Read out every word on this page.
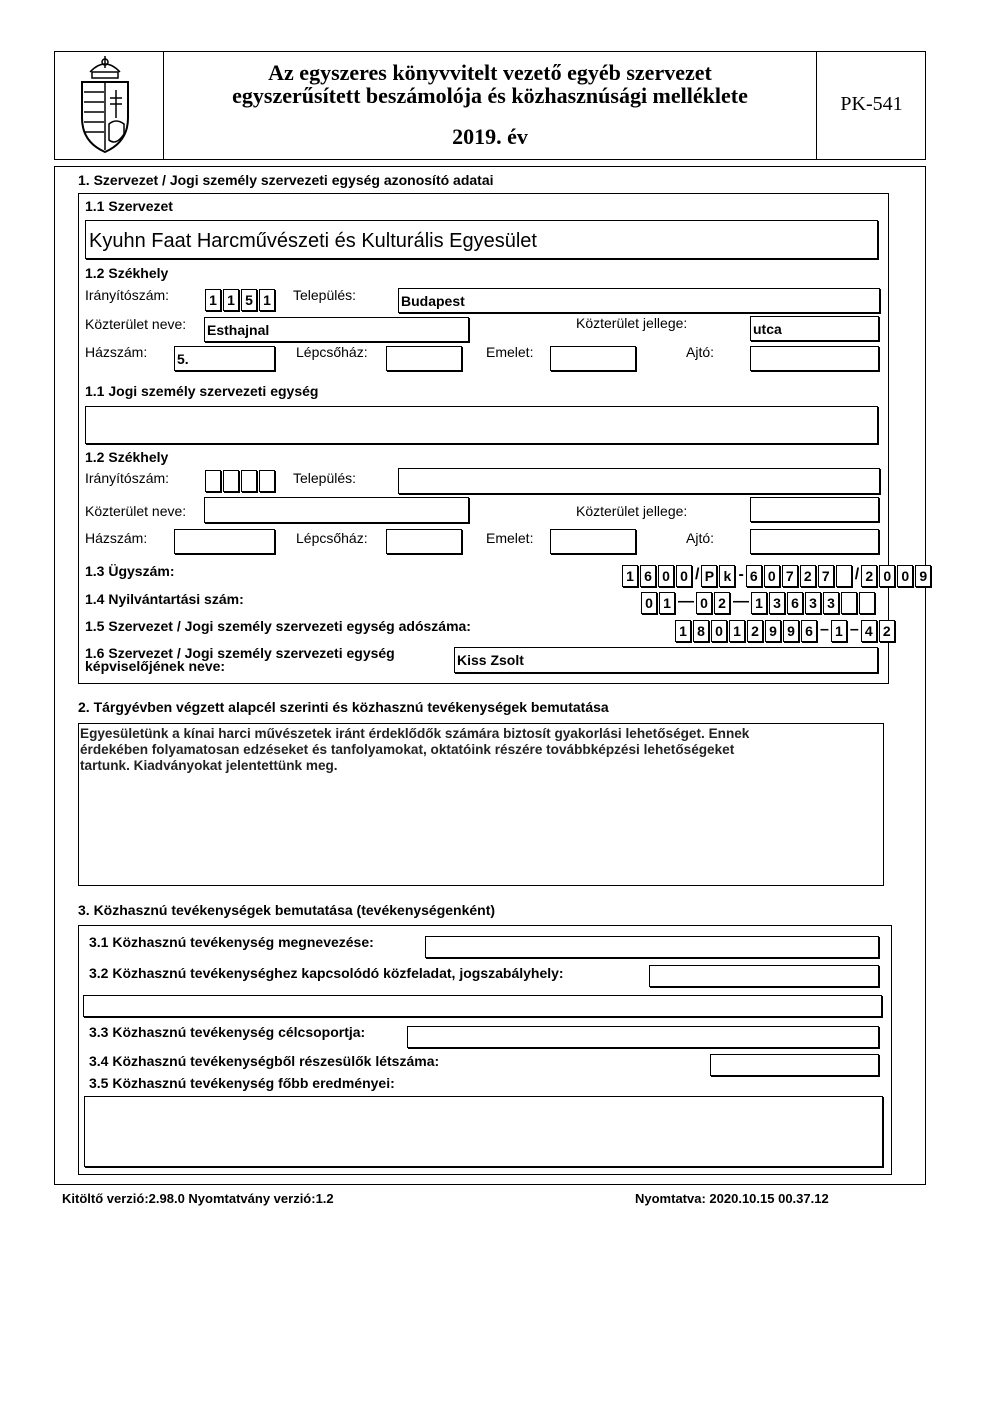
Az egyszeres könyvvitelt vezető egyéb szervezet
egyszerűsített beszámolója és közhasznúsági melléklete
2019. év
PK-541
1. Szervezet / Jogi személy szervezeti egység azonosító adatai
1.1 Szervezet
Kyuhn Faat Harcművészeti és Kulturális Egyesület
1.2 Székhely
Irányítószám:	1 1 5 1 Település:	Budapest
Közterület neve: Esthajnal	Közterület jellege:	utca
Házszám: 5.	Lépcsőház:	Emelet:	Ajtó:
1.1 Jogi személy szervezeti egység
1.2 Székhely
Irányítószám:	Település:
Közterület neve:	Közterület jellege:
Házszám:	Lépcsőház:	Emelet:	Ajtó:
1.3 Ügyszám:	1 6 0 0 / P k - 6 0 7 2 7 / 2 0 0 9
1.4 Nyilvántartási szám:	0 1 — 0 2 — 1 3 6 3 3
1.5 Szervezet / Jogi személy szervezeti egység adószáma:	1 8 0 1 2 9 9 6 – 1 – 4 2
1.6 Szervezet / Jogi személy szervezeti egység
képviselőjének neve:	Kiss Zsolt
2. Tárgyévben végzett alapcél szerinti és közhasznú tevékenységek bemutatása
Egyesületünk a kínai harci művészetek iránt érdeklődők számára biztosít gyakorlási lehetőséget. Ennek
érdekében folyamatosan edzéseket és tanfolyamokat, oktatóink részére továbbképzési lehetőségeket
tartunk. Kiadványokat jelentettünk meg.
3. Közhasznú tevékenységek bemutatása (tevékenységenként)
3.1 Közhasznú tevékenység megnevezése:
3.2 Közhasznú tevékenységhez kapcsolódó közfeladat, jogszabályhely:
3.3 Közhasznú tevékenység célcsoportja:
3.4 Közhasznú tevékenységből részesülők létszáma:
3.5 Közhasznú tevékenység főbb eredményei:
Kitöltő verzió:2.98.0 Nyomtatvány verzió:1.2	Nyomtatva: 2020.10.15 00.37.12
